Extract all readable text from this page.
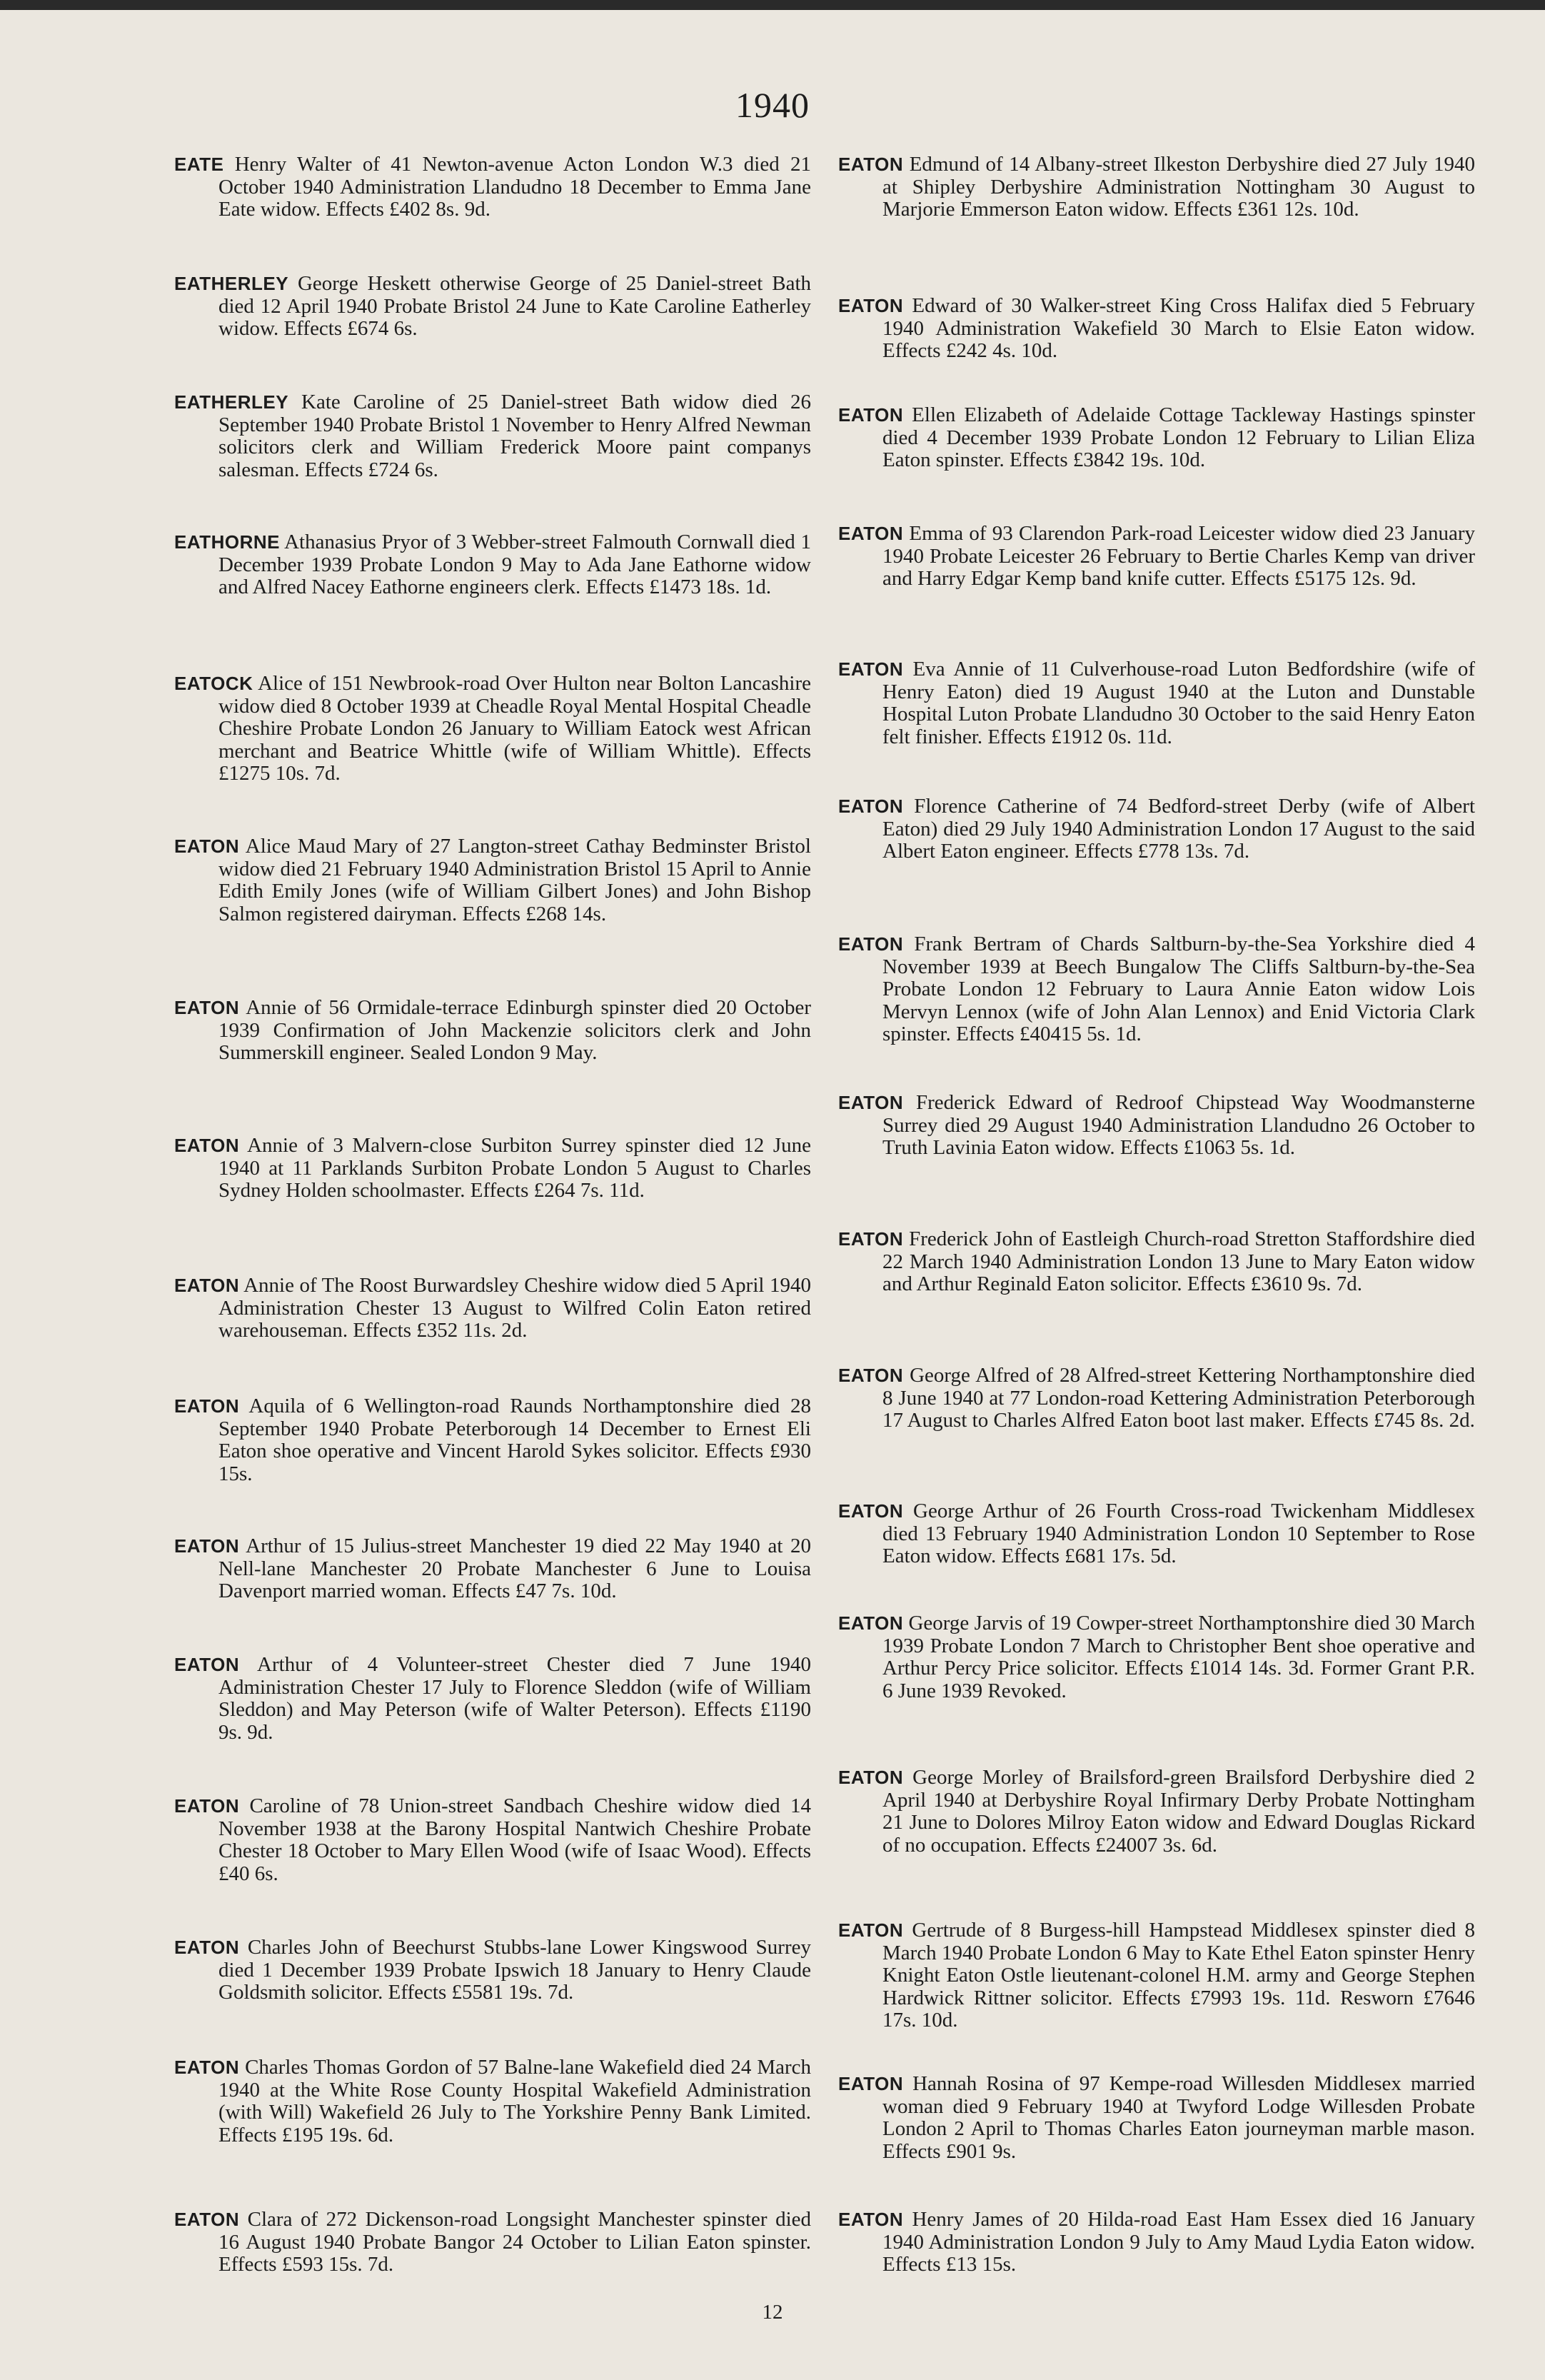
1940
EATE Henry Walter of 41 Newton-avenue Acton London W.3 died 21 October 1940 Administration Llandudno 18 December to Emma Jane Eate widow. Effects £402 8s. 9d.
EATHERLEY George Heskett otherwise George of 25 Daniel-street Bath died 12 April 1940 Probate Bristol 24 June to Kate Caroline Eatherley widow. Effects £674 6s.
EATHERLEY Kate Caroline of 25 Daniel-street Bath widow died 26 September 1940 Probate Bristol 1 November to Henry Alfred Newman solicitors clerk and William Frederick Moore paint companys salesman. Effects £724 6s.
EATHORNE Athanasius Pryor of 3 Webber-street Falmouth Cornwall died 1 December 1939 Probate London 9 May to Ada Jane Eathorne widow and Alfred Nacey Eathorne engineers clerk. Effects £1473 18s. 1d.
EATOCK Alice of 151 Newbrook-road Over Hulton near Bolton Lancashire widow died 8 October 1939 at Cheadle Royal Mental Hospital Cheadle Cheshire Probate London 26 January to William Eatock west African merchant and Beatrice Whittle (wife of William Whittle). Effects £1275 10s. 7d.
EATON Alice Maud Mary of 27 Langton-street Cathay Bedminster Bristol widow died 21 February 1940 Administration Bristol 15 April to Annie Edith Emily Jones (wife of William Gilbert Jones) and John Bishop Salmon registered dairyman. Effects £268 14s.
EATON Annie of 56 Ormidale-terrace Edinburgh spinster died 20 October 1939 Confirmation of John Mackenzie solicitors clerk and John Summerskill engineer. Sealed London 9 May.
EATON Annie of 3 Malvern-close Surbiton Surrey spinster died 12 June 1940 at 11 Parklands Surbiton Probate London 5 August to Charles Sydney Holden schoolmaster. Effects £264 7s. 11d.
EATON Annie of The Roost Burwardsley Cheshire widow died 5 April 1940 Administration Chester 13 August to Wilfred Colin Eaton retired warehouseman. Effects £352 11s. 2d.
EATON Aquila of 6 Wellington-road Raunds Northamptonshire died 28 September 1940 Probate Peterborough 14 December to Ernest Eli Eaton shoe operative and Vincent Harold Sykes solicitor. Effects £930 15s.
EATON Arthur of 15 Julius-street Manchester 19 died 22 May 1940 at 20 Nell-lane Manchester 20 Probate Manchester 6 June to Louisa Davenport married woman. Effects £47 7s. 10d.
EATON Arthur of 4 Volunteer-street Chester died 7 June 1940 Administration Chester 17 July to Florence Sleddon (wife of William Sleddon) and May Peterson (wife of Walter Peterson). Effects £1190 9s. 9d.
EATON Caroline of 78 Union-street Sandbach Cheshire widow died 14 November 1938 at the Barony Hospital Nantwich Cheshire Probate Chester 18 October to Mary Ellen Wood (wife of Isaac Wood). Effects £40 6s.
EATON Charles John of Beechurst Stubbs-lane Lower Kingswood Surrey died 1 December 1939 Probate Ipswich 18 January to Henry Claude Goldsmith solicitor. Effects £5581 19s. 7d.
EATON Charles Thomas Gordon of 57 Balne-lane Wakefield died 24 March 1940 at the White Rose County Hospital Wakefield Administration (with Will) Wakefield 26 July to The Yorkshire Penny Bank Limited. Effects £195 19s. 6d.
EATON Clara of 272 Dickenson-road Longsight Manchester spinster died 16 August 1940 Probate Bangor 24 October to Lilian Eaton spinster. Effects £593 15s. 7d.
EATON Edmund of 14 Albany-street Ilkeston Derbyshire died 27 July 1940 at Shipley Derbyshire Administration Nottingham 30 August to Marjorie Emmerson Eaton widow. Effects £361 12s. 10d.
EATON Edward of 30 Walker-street King Cross Halifax died 5 February 1940 Administration Wakefield 30 March to Elsie Eaton widow. Effects £242 4s. 10d.
EATON Ellen Elizabeth of Adelaide Cottage Tackleway Hastings spinster died 4 December 1939 Probate London 12 February to Lilian Eliza Eaton spinster. Effects £3842 19s. 10d.
EATON Emma of 93 Clarendon Park-road Leicester widow died 23 January 1940 Probate Leicester 26 February to Bertie Charles Kemp van driver and Harry Edgar Kemp band knife cutter. Effects £5175 12s. 9d.
EATON Eva Annie of 11 Culverhouse-road Luton Bedfordshire (wife of Henry Eaton) died 19 August 1940 at the Luton and Dunstable Hospital Luton Probate Llandudno 30 October to the said Henry Eaton felt finisher. Effects £1912 0s. 11d.
EATON Florence Catherine of 74 Bedford-street Derby (wife of Albert Eaton) died 29 July 1940 Administration London 17 August to the said Albert Eaton engineer. Effects £778 13s. 7d.
EATON Frank Bertram of Chards Saltburn-by-the-Sea Yorkshire died 4 November 1939 at Beech Bungalow The Cliffs Saltburn-by-the-Sea Probate London 12 February to Laura Annie Eaton widow Lois Mervyn Lennox (wife of John Alan Lennox) and Enid Victoria Clark spinster. Effects £40415 5s. 1d.
EATON Frederick Edward of Redroof Chipstead Way Woodmansterne Surrey died 29 August 1940 Administration Llandudno 26 October to Truth Lavinia Eaton widow. Effects £1063 5s. 1d.
EATON Frederick John of Eastleigh Church-road Stretton Staffordshire died 22 March 1940 Administration London 13 June to Mary Eaton widow and Arthur Reginald Eaton solicitor. Effects £3610 9s. 7d.
EATON George Alfred of 28 Alfred-street Kettering Northamptonshire died 8 June 1940 at 77 London-road Kettering Administration Peterborough 17 August to Charles Alfred Eaton boot last maker. Effects £745 8s. 2d.
EATON George Arthur of 26 Fourth Cross-road Twickenham Middlesex died 13 February 1940 Administration London 10 September to Rose Eaton widow. Effects £681 17s. 5d.
EATON George Jarvis of 19 Cowper-street Northamptonshire died 30 March 1939 Probate London 7 March to Christopher Bent shoe operative and Arthur Percy Price solicitor. Effects £1014 14s. 3d. Former Grant P.R. 6 June 1939 Revoked.
EATON George Morley of Brailsford-green Brailsford Derbyshire died 2 April 1940 at Derbyshire Royal Infirmary Derby Probate Nottingham 21 June to Dolores Milroy Eaton widow and Edward Douglas Rickard of no occupation. Effects £24007 3s. 6d.
EATON Gertrude of 8 Burgess-hill Hampstead Middlesex spinster died 8 March 1940 Probate London 6 May to Kate Ethel Eaton spinster Henry Knight Eaton Ostle lieutenant-colonel H.M. army and George Stephen Hardwick Rittner solicitor. Effects £7993 19s. 11d. Resworn £7646 17s. 10d.
EATON Hannah Rosina of 97 Kempe-road Willesden Middlesex married woman died 9 February 1940 at Twyford Lodge Willesden Probate London 2 April to Thomas Charles Eaton journeyman marble mason. Effects £901 9s.
EATON Henry James of 20 Hilda-road East Ham Essex died 16 January 1940 Administration London 9 July to Amy Maud Lydia Eaton widow. Effects £13 15s.
12
